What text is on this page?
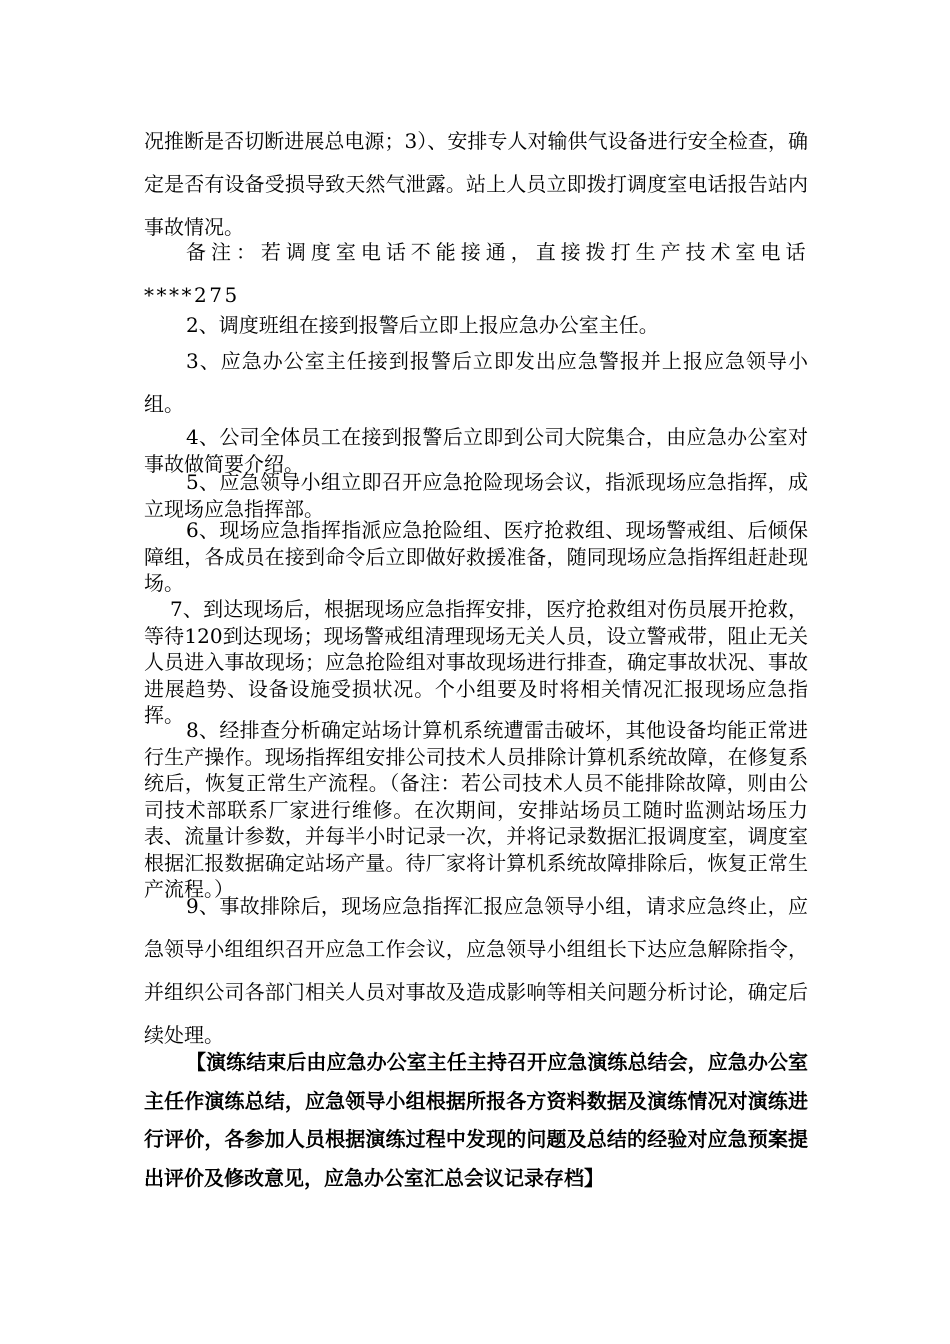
况推断是否切断进展总电源；3）、安排专人对输供气设备进行安全检查，确定是否有设备受损导致天然气泄露。站上人员立即拨打调度室电话报告站内事故情况。

备注：若调度室电话不能接通，直接拨打生产技术室电话****275

2、调度班组在接到报警后立即上报应急办公室主任。

3、应急办公室主任接到报警后立即发出应急警报并上报应急领导小组。

4、公司全体员工在接到报警后立即到公司大院集合，由应急办公室对事故做简要介绍。

5、应急领导小组立即召开应急抢险现场会议，指派现场应急指挥，成立现场应急指挥部。

6、现场应急指挥指派应急抢险组、医疗抢救组、现场警戒组、后倾保障组，各成员在接到命令后立即做好救援准备，随同现场应急指挥组赶赴现场。

7、到达现场后，根据现场应急指挥安排，医疗抢救组对伤员展开抢救，等待120到达现场；现场警戒组清理现场无关人员，设立警戒带，阻止无关人员进入事故现场；应急抢险组对事故现场进行排查，确定事故状况、事故进展趋势、设备设施受损状况。个小组要及时将相关情况汇报现场应急指挥。

8、经排查分析确定站场计算机系统遭雷击破坏，其他设备均能正常进行生产操作。现场指挥组安排公司技术人员排除计算机系统故障，在修复系统后，恢复正常生产流程。（备注：若公司技术人员不能排除故障，则由公司技术部联系厂家进行维修。在次期间，安排站场员工随时监测站场压力表、流量计参数，并每半小时记录一次，并将记录数据汇报调度室，调度室根据汇报数据确定站场产量。待厂家将计算机系统故障排除后，恢复正常生产流程。）

9、事故排除后，现场应急指挥汇报应急领导小组，请求应急终止，应急领导小组组织召开应急工作会议，应急领导小组组长下达应急解除指令，并组织公司各部门相关人员对事故及造成影响等相关问题分析讨论，确定后续处理。

【演练结束后由应急办公室主任主持召开应急演练总结会，应急办公室主任作演练总结，应急领导小组根据所报各方资料数据及演练情况对演练进行评价，各参加人员根据演练过程中发现的问题及总结的经验对应急预案提出评价及修改意见，应急办公室汇总会议记录存档】
